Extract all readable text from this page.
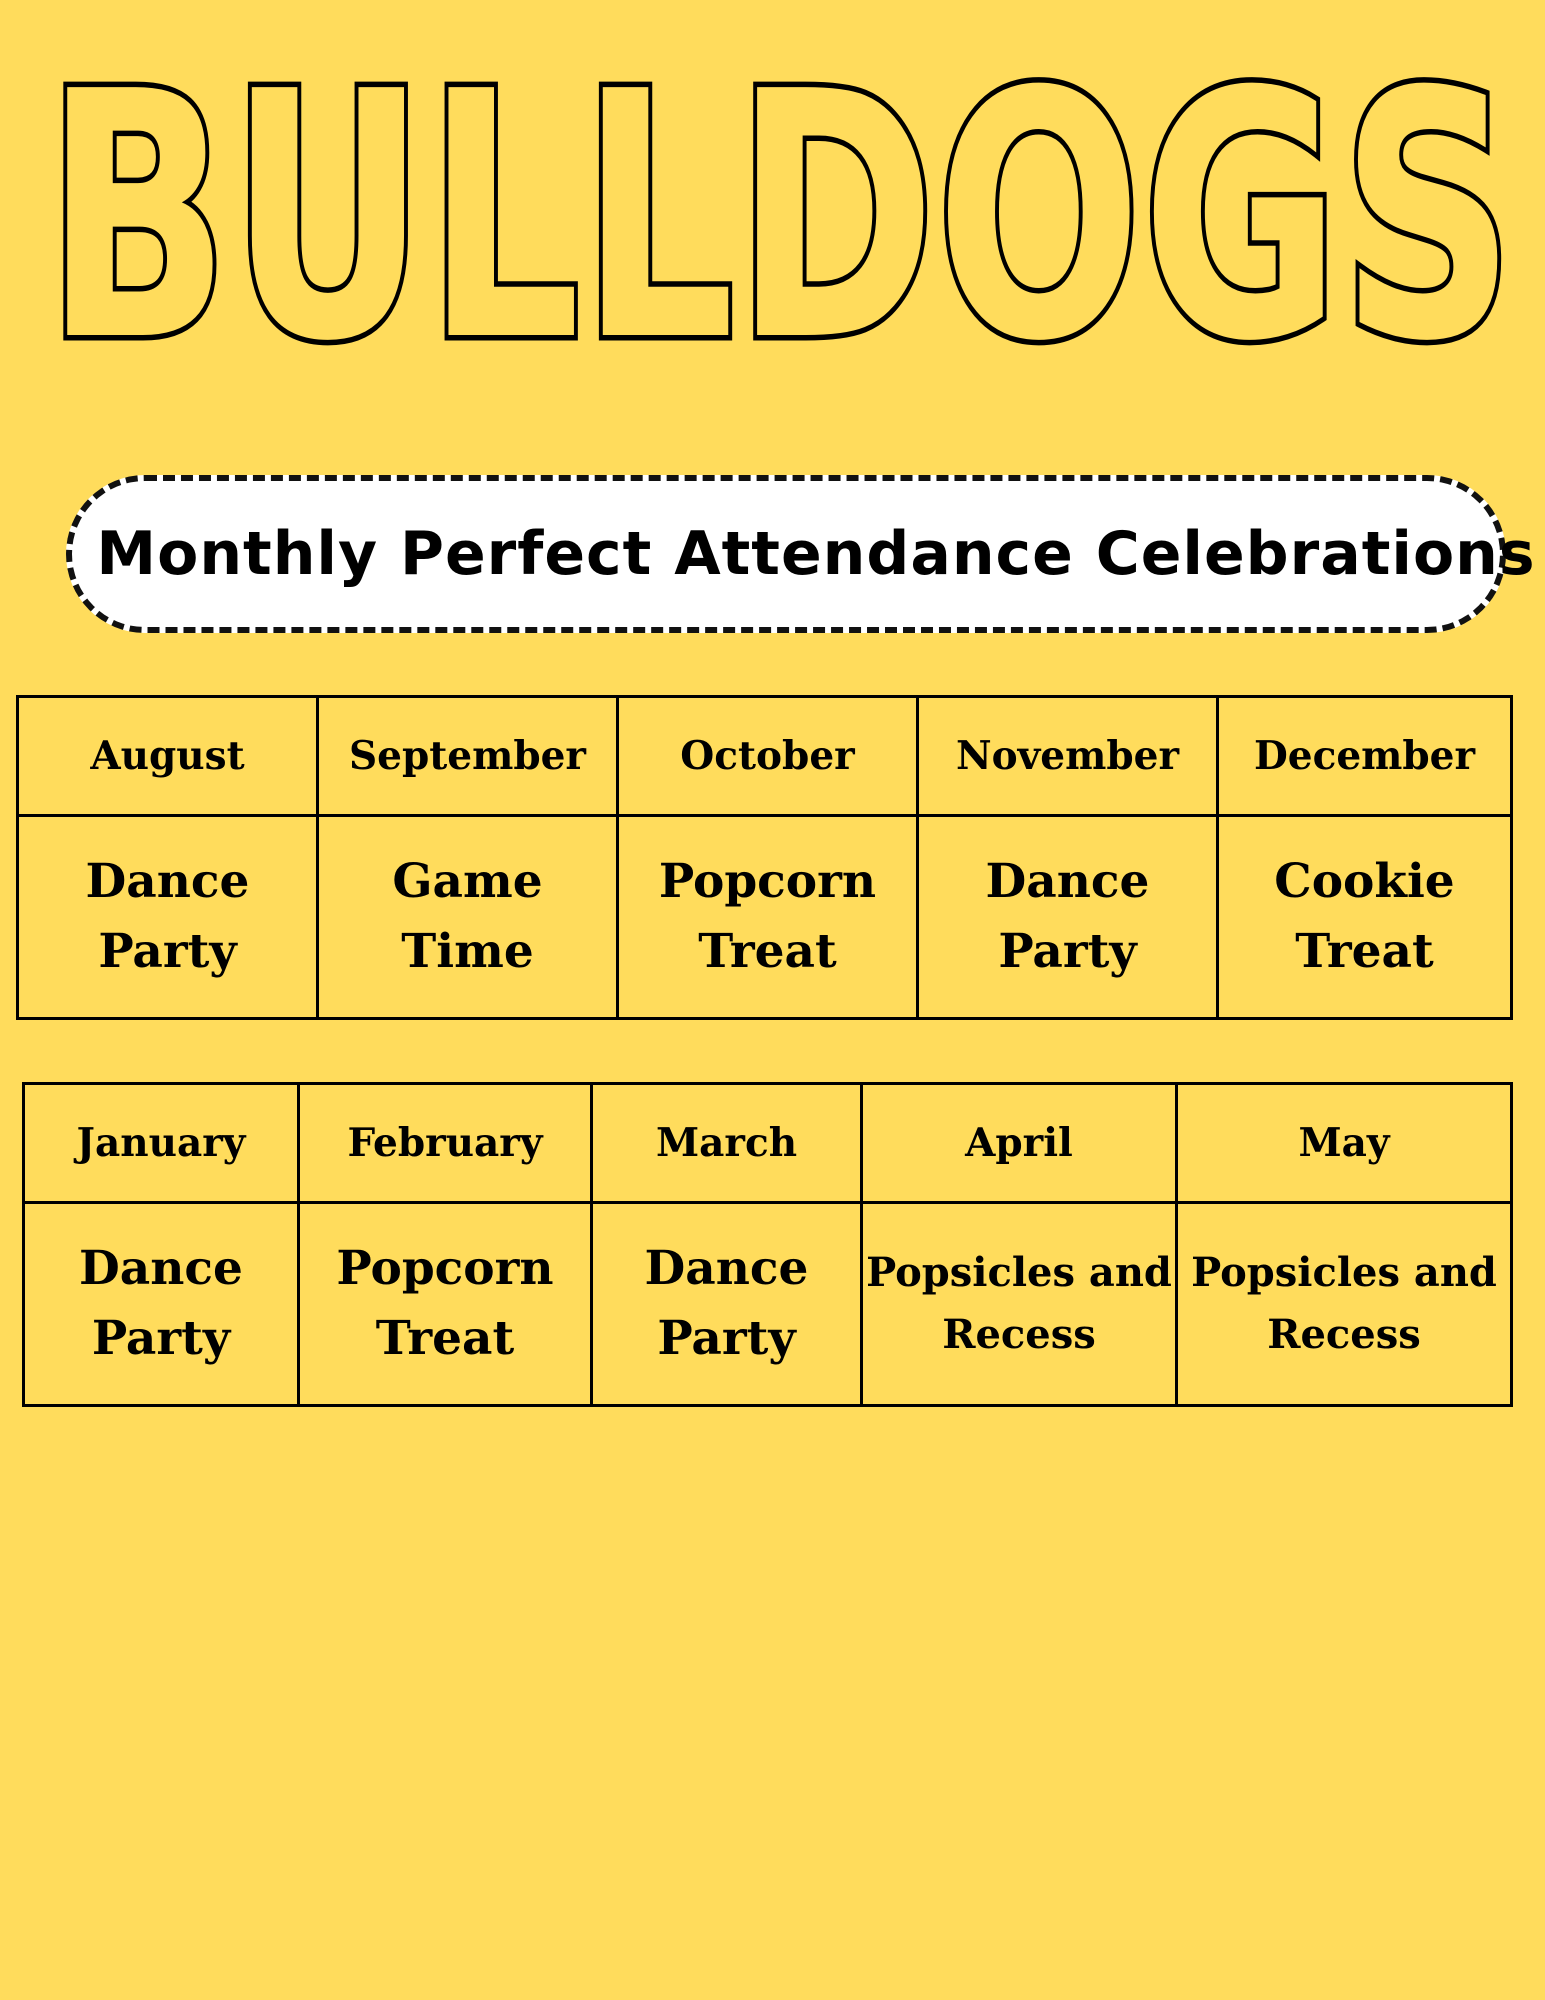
BULLDOGS
Monthly Perfect Attendance Celebrations
August	September	October	November	December
Dance Party	Game Time	Popcorn Treat	Dance Party	Cookie Treat
January	February	March	April	May
Dance Party	Popcorn Treat	Dance Party	Popsicles and Recess	Popsicles and Recess
